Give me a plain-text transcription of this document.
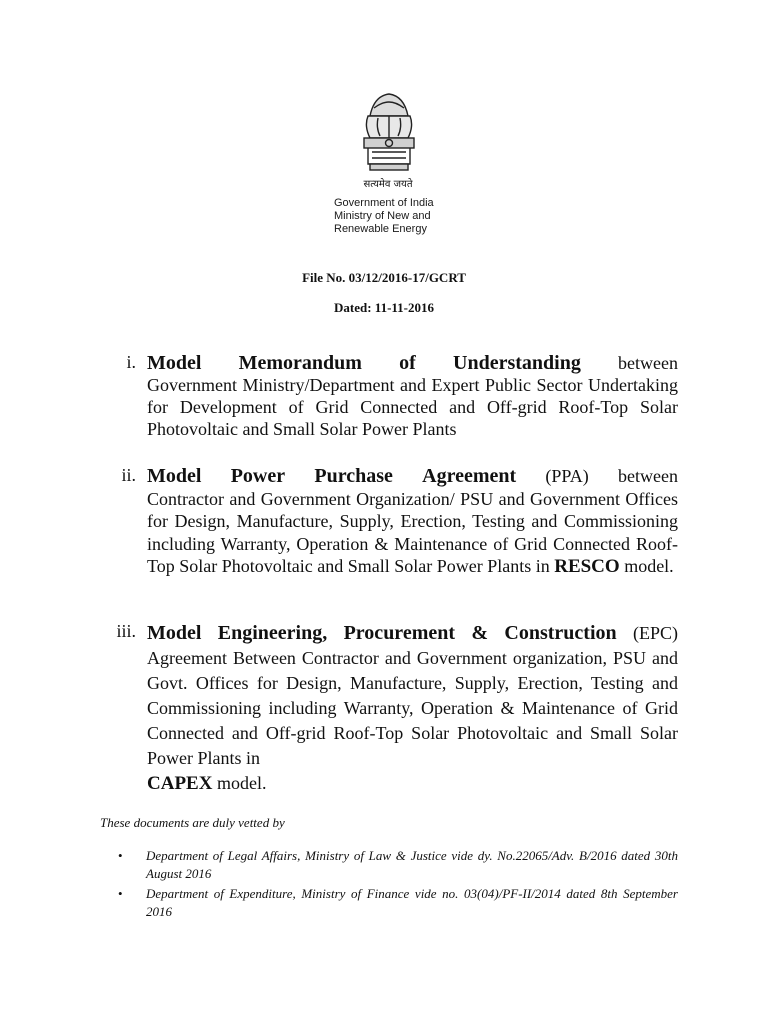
सत्यमेव जयते
Government of India
Ministry of New and
Renewable Energy
File No. 03/12/2016-17/GCRT
Dated: 11-11-2016
i. Model Memorandum of Understanding between
Government Ministry/Department and Expert Public Sector Undertaking for Development of Grid Connected and Off-grid Roof-Top Solar Photovoltaic and Small Solar Power Plants
ii. Model Power Purchase Agreement (PPA) between
Contractor and Government Organization/ PSU and Government Offices for Design, Manufacture, Supply, Erection, Testing and Commissioning including Warranty, Operation & Maintenance of Grid Connected Roof-Top Solar Photovoltaic and Small Solar Power Plants in RESCO model.
iii. Model Engineering, Procurement & Construction (EPC)
Agreement Between Contractor and Government organization, PSU and Govt. Offices for Design, Manufacture, Supply, Erection, Testing and Commissioning including Warranty, Operation & Maintenance of Grid Connected and Off-grid Roof-Top Solar Photovoltaic and Small Solar Power Plants in
CAPEX model.
These documents are duly vetted by
• Department of Legal Affairs, Ministry of Law & Justice vide dy. No.22065/Adv. B/2016 dated 30th August 2016
• Department of Expenditure, Ministry of Finance vide no. 03(04)/PF-II/2014 dated 8th September 2016
